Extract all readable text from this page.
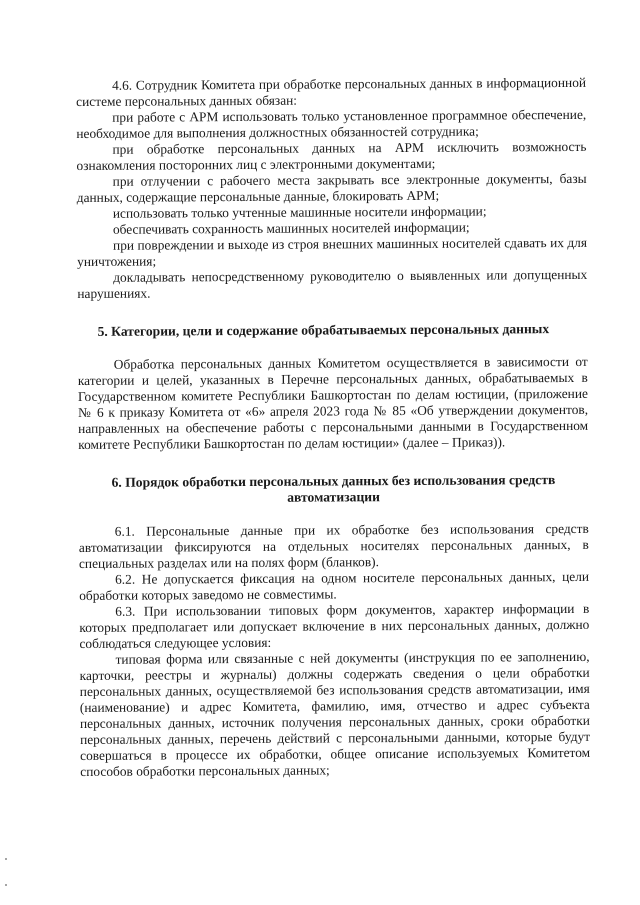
4.6. Сотрудник Комитета при обработке персональных данных в информационной системе персональных данных обязан:

при работе с АРМ использовать только установленное программное обеспечение, необходимое для выполнения должностных обязанностей сотрудника;

при обработке персональных данных на АРМ исключить возможность ознакомления посторонних лиц с электронными документами;

при отлучении с рабочего места закрывать все электронные документы, базы данных, содержащие персональные данные, блокировать АРМ;

использовать только учтенные машинные носители информации;

обеспечивать сохранность машинных носителей информации;

при повреждении и выходе из строя внешних машинных носителей сдавать их для уничтожения;

докладывать непосредственному руководителю о выявленных или допущенных нарушениях.

5. Категории, цели и содержание обрабатываемых персональных данных

Обработка персональных данных Комитетом осуществляется в зависимости от категории и целей, указанных в Перечне персональных данных, обрабатываемых в Государственном комитете Республики Башкортостан по делам юстиции, (приложение № 6 к приказу Комитета от «6» апреля 2023 года № 85 «Об утверждении документов, направленных на обеспечение работы с персональными данными в Государственном комитете Республики Башкортостан по делам юстиции» (далее – Приказ)).

6. Порядок обработки персональных данных без использования средств автоматизации

6.1. Персональные данные при их обработке без использования средств автоматизации фиксируются на отдельных носителях персональных данных, в специальных разделах или на полях форм (бланков).

6.2. Не допускается фиксация на одном носителе персональных данных, цели обработки которых заведомо не совместимы.

6.3. При использовании типовых форм документов, характер информации в которых предполагает или допускает включение в них персональных данных, должно соблюдаться следующее условия:

типовая форма или связанные с ней документы (инструкция по ее заполнению, карточки, реестры и журналы) должны содержать сведения о цели обработки персональных данных, осуществляемой без использования средств автоматизации, имя (наименование) и адрес Комитета, фамилию, имя, отчество и адрес субъекта персональных данных, источник получения персональных данных, сроки обработки персональных данных, перечень действий с персональными данными, которые будут совершаться в процессе их обработки, общее описание используемых Комитетом способов обработки персональных данных;
